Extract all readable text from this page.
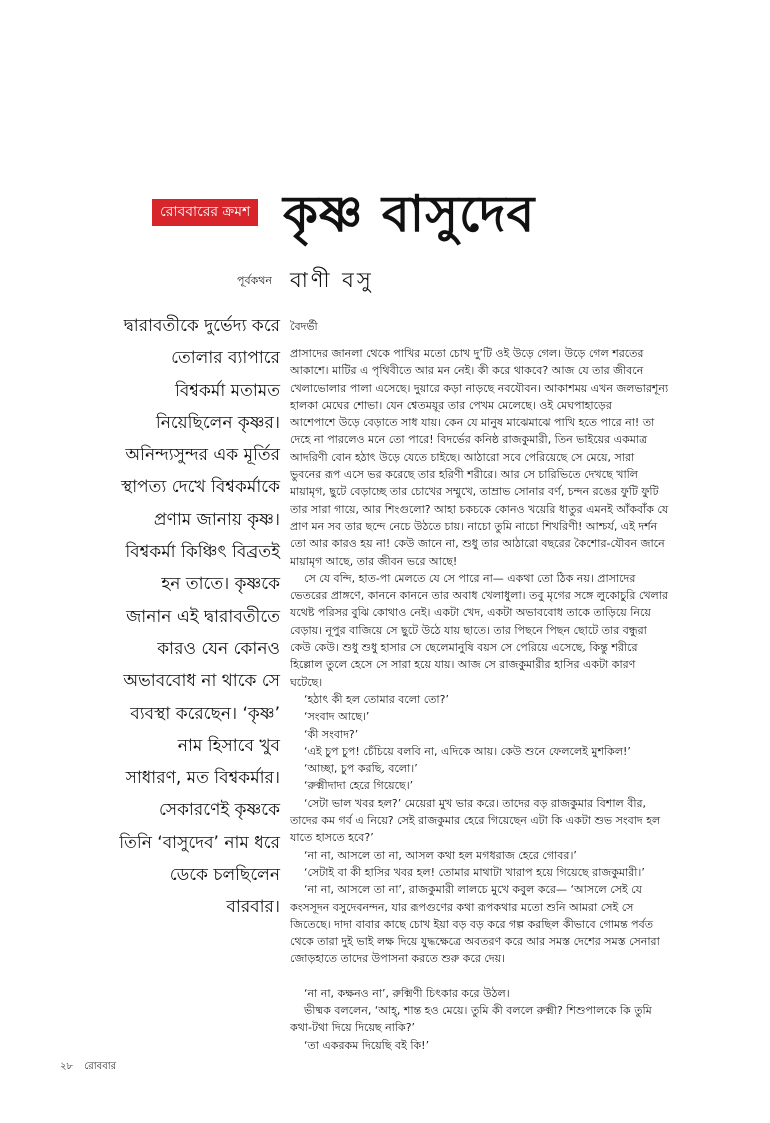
রোববারের ক্রমশ কৃষ্ণ বাসুদেব
পূর্বকথন বাণী বসু
বৈদর্ভী

দ্বারাবতীকে দুর্ভেদ্য করে

তোলার ব্যাপারে

বিশ্বকর্মা মতামত

নিয়েছিলেন কৃষ্ণর।

অনিন্দ্যসুন্দর এক মূর্তির

স্থাপত্য দেখে বিশ্বকর্মাকে

প্রণাম জানায় কৃষ্ণ।

বিশ্বকর্মা কিঞ্চিৎ বিব্রতই

হন তাতে। কৃষ্ণকে

জানান এই দ্বারাবতীতে

কারও যেন কোনও

অভাববোধ না থাকে সে

ব্যবস্থা করেছেন। ‘কৃষ্ণ’

নাম হিসাবে খুব

সাধারণ, মত বিশ্বকর্মার।

সেকারণেই কৃষ্ণকে

তিনি ‘বাসুদেব’ নাম ধরে

ডেকে চলছিলেন

বারবার।

প্রাসাদের জানলা থেকে পাখির মতো চোখ দু’টি ওই উড়ে গেল। উড়ে গেল শরতের

আকাশে। মাটির এ পৃথিবীতে আর মন নেই। কী করে থাকবে? আজ যে তার জীবনে

খেলাভোলার পালা এসেছে। দুয়ারে কড়া নাড়ছে নবযৌবন। আকাশময় এখন জলভারশূন্য

হালকা মেঘের শোভা। যেন শ্বেতময়ূর তার পেখম মেলেছে। ওই মেঘপাহাড়ের

আশেপাশে উড়ে বেড়াতে সাধ যায়। কেন যে মানুষ মাঝেমাঝে পাখি হতে পারে না! তা

দেহে না পারলেও মনে তো পারে! বিদর্ভের কনিষ্ঠ রাজকুমারী, তিন ভাইয়ের একমাত্র

আদরিণী বোন হঠাৎ উড়ে যেতে চাইছে। আঠারো সবে পেরিয়েছে সে মেয়ে, সারা

ভুবনের রূপ এসে ভর করেছে তার হরিণী শরীরে। আর সে চারিভিতে দেখছে খালি

মায়ামৃগ, ছুটে বেড়াচ্ছে তার চোখের সম্মুখে, তাম্রাভ সোনার বর্ণ, চন্দন রঙের ফুটি ফুটি

তার সারা গায়ে, আর শিংগুলো? আহা চকচকে কোনও খয়েরি ধাতুর এমনই আঁকবাঁক যে

প্রাণ মন সব তার ছন্দে নেচে উঠতে চায়। নাচো তুমি নাচো শিখরিণী! আশ্চর্য, এই দর্শন

তো আর কারও হয় না! কেউ জানে না, শুধু তার আঠারো বছরের কৈশোর-যৌবন জানে

মায়ামৃগ আছে, তার জীবন ভরে আছে!

সে যে বন্দি, হাত-পা মেলতে যে সে পারে না— একথা তো ঠিক নয়। প্রাসাদের

ভেতরের প্রাঙ্গণে, কাননে কাননে তার অবাধ খেলাধুলা। তবু মৃগের সঙ্গে লুকোচুরি খেলার

যথেষ্ট পরিসর বুঝি কোথাও নেই। একটা খেদ, একটা অভাববোধ তাকে তাড়িয়ে নিয়ে

বেড়ায়। নূপুর বাজিয়ে সে ছুটে উঠে যায় ছাতে। তার পিছনে পিছন ছোটে তার বন্ধুরা

কেউ কেউ। শুধু শুধু হাসার সে ছেলেমানুষি বয়স সে পেরিয়ে এসেছে, কিন্তু শরীরে

হিল্লোল তুলে হেসে সে সারা হয়ে যায়। আজ সে রাজকুমারীর হাসির একটা কারণ

ঘটেছে।

‘হঠাৎ কী হল তোমার বলো তো?’

‘সংবাদ আছে।’

‘কী সংবাদ?’

‘এই চুপ চুপ! চেঁচিয়ে বলবি না, এদিকে আয়। কেউ শুনে ফেললেই মুশকিল!’

‘আচ্ছা, চুপ করছি, বলো।’

‘রুক্মীদাদা হেরে গিয়েছে।’

‘সেটা ভাল খবর হল?’ মেয়েরা মুখ ভার করে। তাদের বড় রাজকুমার বিশাল বীর,

তাদের কম গর্ব এ নিয়ে? সেই রাজকুমার হেরে গিয়েছেন এটা কি একটা শুভ সংবাদ হল

যাতে হাসতে হবে?’

‘না না, আসলে তা না, আসল কথা হল মগধরাজ হেরে গোবর।’

‘সেটাই বা কী হাসির খবর হল! তোমার মাথাটা খারাপ হয়ে গিয়েছে রাজকুমারী।’

‘না না, আসলে তা না’, রাজকুমারী লালচে মুখে কবুল করে— ‘আসলে সেই যে

কংসসূদন বসুদেবনন্দন, যার রূপগুণের কথা রূপকথার মতো শুনি আমরা সেই সে

জিতেছে। দাদা বাবার কাছে চোখ ইয়া বড় বড় করে গল্প করছিল কীভাবে গোমন্ত পর্বত

থেকে তারা দুই ভাই লক্ষ দিয়ে যুদ্ধক্ষেত্রে অবতরণ করে আর সমস্ত দেশের সমস্ত সেনারা

জোড়হাতে তাদের উপাসনা করতে শুরু করে দেয়।

‘না না, কক্ষনও না’, রুক্মিণী চিৎকার করে উঠল।

ভীষ্মক বললেন, ‘আহ্, শান্ত হও মেয়ে। তুমি কী বললে রুক্মী? শিশুপালকে কি তুমি

কথা-টথা দিয়ে দিয়েছ নাকি?’

‘তা একরকম দিয়েছি বই কি!’

২৮ রোববার
